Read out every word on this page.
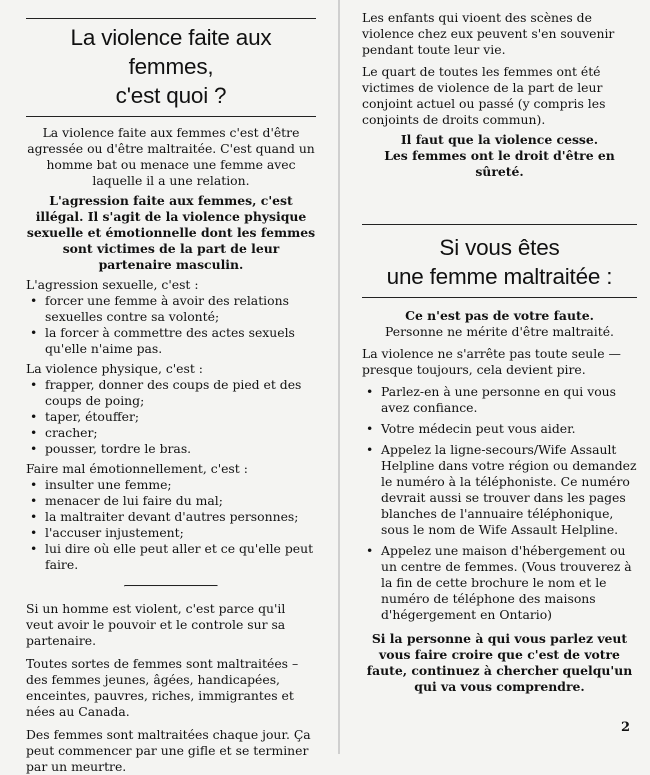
La violence faite aux femmes,
c'est quoi ?

La violence faite aux femmes c'est d'être agressée ou d'être maltraitée. C'est quand un homme bat ou menace une femme avec laquelle il a une relation.

L'agression faite aux femmes, c'est illégal. Il s'agit de la violence physique sexuelle et émotionnelle dont les femmes sont victimes de la part de leur partenaire masculin.

L'agression sexuelle, c'est :

• forcer une femme à avoir des relations sexuelles contre sa volonté;
• la forcer à commettre des actes sexuels qu'elle n'aime pas.

La violence physique, c'est :

• frapper, donner des coups de pied et des coups de poing;
• taper, étouffer;
• cracher;
• pousser, tordre le bras.

Faire mal émotionnellement, c'est :

• insulter une femme;
• menacer de lui faire du mal;
• la maltraiter devant d'autres personnes;
• l'accuser injustement;
• lui dire où elle peut aller et ce qu'elle peut faire.

Si un homme est violent, c'est parce qu'il veut avoir le pouvoir et le controle sur sa partenaire.

Toutes sortes de femmes sont maltraitées – des femmes jeunes, âgées, handicapées, enceintes, pauvres, riches, immigrantes et nées au Canada.

Des femmes sont maltraitées chaque jour. Ça peut commencer par une gifle et se terminer par un meurtre.

Les enfants qui vioent des scènes de violence chez eux peuvent s'en souvenir pendant toute leur vie.

Le quart de toutes les femmes ont été victimes de violence de la part de leur conjoint actuel ou passé (y compris les conjoints de droits commun).

Il faut que la violence cesse.

Les femmes ont le droit d'être en sûreté.

Si vous êtes
une femme maltraitée :

Ce n'est pas de votre faute.

Personne ne mérite d'être maltraité.

La violence ne s'arrête pas toute seule — presque toujours, cela devient pire.

• Parlez-en à une personne en qui vous avez confiance.
• Votre médecin peut vous aider.
• Appelez la ligne-secours/Wife Assault Helpline dans votre région ou demandez le numéro à la téléphoniste. Ce numéro devrait aussi se trouver dans les pages blanches de l'annuaire téléphonique, sous le nom de Wife Assault Helpline.
• Appelez une maison d'hébergement ou un centre de femmes. (Vous trouverez à la fin de cette brochure le nom et le numéro de téléphone des maisons d'hégergement en Ontario)

Si la personne à qui vous parlez veut vous faire croire que c'est de votre faute, continuez à chercher quelqu'un qui va vous comprendre.

2
